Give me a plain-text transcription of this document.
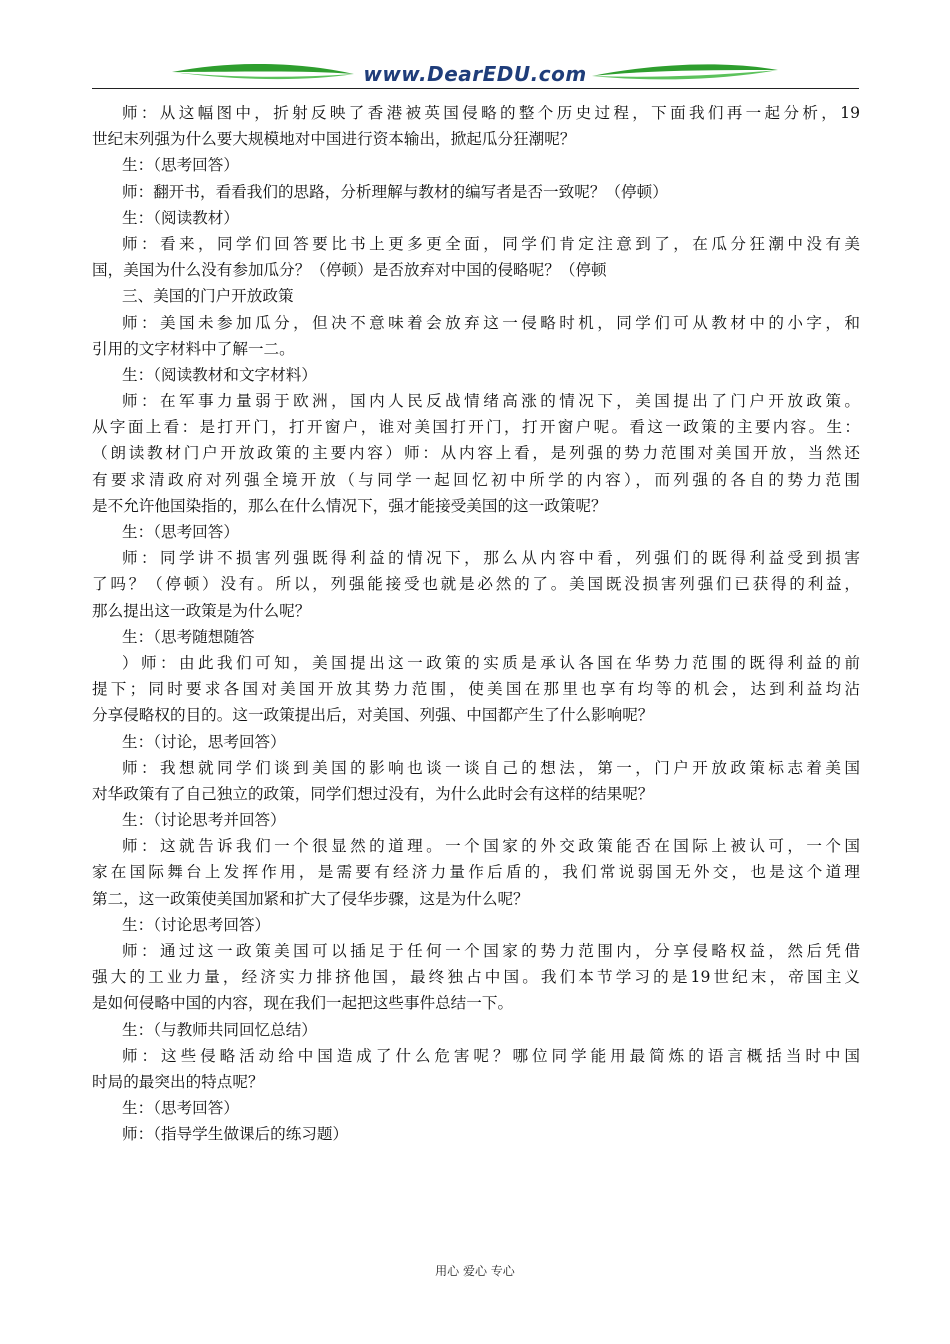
www.DearEDU.com
师：从这幅图中，折射反映了香港被英国侵略的整个历史过程，下面我们再一起分析，19
世纪末列强为什么要大规模地对中国进行资本输出，掀起瓜分狂潮呢？
生：（思考回答）
师：翻开书，看看我们的思路，分析理解与教材的编写者是否一致呢？（停顿）
生：（阅读教材）
师：看来，同学们回答要比书上更多更全面，同学们肯定注意到了，在瓜分狂潮中没有美
国，美国为什么没有参加瓜分？（停顿）是否放弃对中国的侵略呢？（停顿
三、美国的门户开放政策
师：美国未参加瓜分，但决不意味着会放弃这一侵略时机，同学们可从教材中的小字，和
引用的文字材料中了解一二。
生：（阅读教材和文字材料）
师：在军事力量弱于欧洲，国内人民反战情绪高涨的情况下，美国提出了门户开放政策。
从字面上看：是打开门，打开窗户，谁对美国打开门，打开窗户呢。看这一政策的主要内容。生：
（朗读教材门户开放政策的主要内容）师：从内容上看，是列强的势力范围对美国开放，当然还
有要求清政府对列强全境开放（与同学一起回忆初中所学的内容），而列强的各自的势力范围
是不允许他国染指的，那么在什么情况下，强才能接受美国的这一政策呢？
生：（思考回答）
师：同学讲不损害列强既得利益的情况下，那么从内容中看，列强们的既得利益受到损害
了吗？（停顿）没有。所以，列强能接受也就是必然的了。美国既没损害列强们已获得的利益，
那么提出这一政策是为什么呢？
生：（思考随想随答
）师：由此我们可知，美国提出这一政策的实质是承认各国在华势力范围的既得利益的前
提下；同时要求各国对美国开放其势力范围，使美国在那里也享有均等的机会，达到利益均沾
分享侵略权的目的。这一政策提出后，对美国、列强、中国都产生了什么影响呢？
生：（讨论，思考回答）
师：我想就同学们谈到美国的影响也谈一谈自己的想法，第一，门户开放政策标志着美国
对华政策有了自己独立的政策，同学们想过没有，为什么此时会有这样的结果呢？
生：（讨论思考并回答）
师：这就告诉我们一个很显然的道理。一个国家的外交政策能否在国际上被认可，一个国
家在国际舞台上发挥作用，是需要有经济力量作后盾的，我们常说弱国无外交，也是这个道理
第二，这一政策使美国加紧和扩大了侵华步骤，这是为什么呢？
生：（讨论思考回答）
师：通过这一政策美国可以插足于任何一个国家的势力范围内，分享侵略权益，然后凭借
强大的工业力量，经济实力排挤他国，最终独占中国。我们本节学习的是19世纪末，帝国主义
是如何侵略中国的内容，现在我们一起把这些事件总结一下。
生：（与教师共同回忆总结）
师：这些侵略活动给中国造成了什么危害呢？哪位同学能用最简炼的语言概括当时中国
时局的最突出的特点呢？
生：（思考回答）
师：（指导学生做课后的练习题）
用心 爱心 专心
